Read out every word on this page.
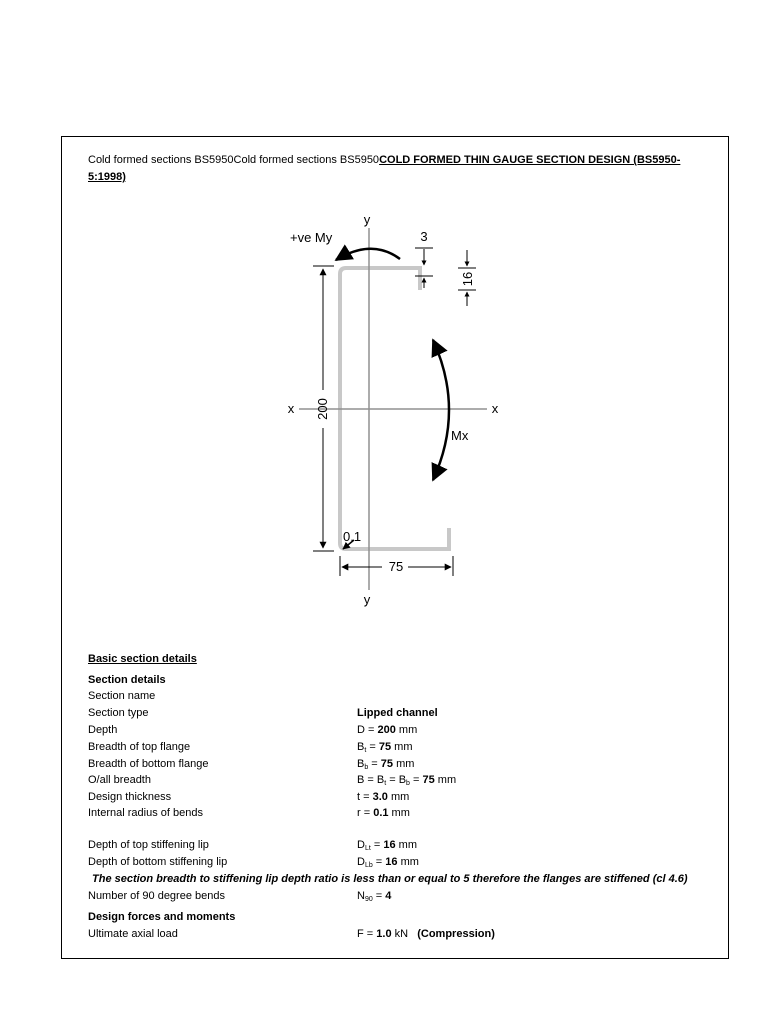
Cold formed sections BS5950Cold formed sections BS5950COLD FORMED THIN GAUGE SECTION DESIGN (BS5950-5:1998)
y
y
x	x
+ve My
Mx
3
16
200
0.1
75
Basic section details
Section details
Section name
Section type	Lipped channel
Depth	D = 200 mm
Breadth of top flange	$B_t = 75$ mm
Breadth of bottom flange	$B_b = 75$ mm
O/all breadth	$B = B_t = B_b = 75$ mm
Design thickness	t = 3.0 mm
Internal radius of bends	r = 0.1 mm
Depth of top stiffening lip	$D_{Lt} = 16$ mm
Depth of bottom stiffening lip	$D_{Lb} = 16$ mm
The section breadth to stiffening lip depth ratio is less than or equal to 5 therefore the flanges are stiffened (cl 4.6)
Number of 90 degree bends	$N_{90} = 4$
Design forces and moments
Ultimate axial load	F = 1.0 kN (Compression)
